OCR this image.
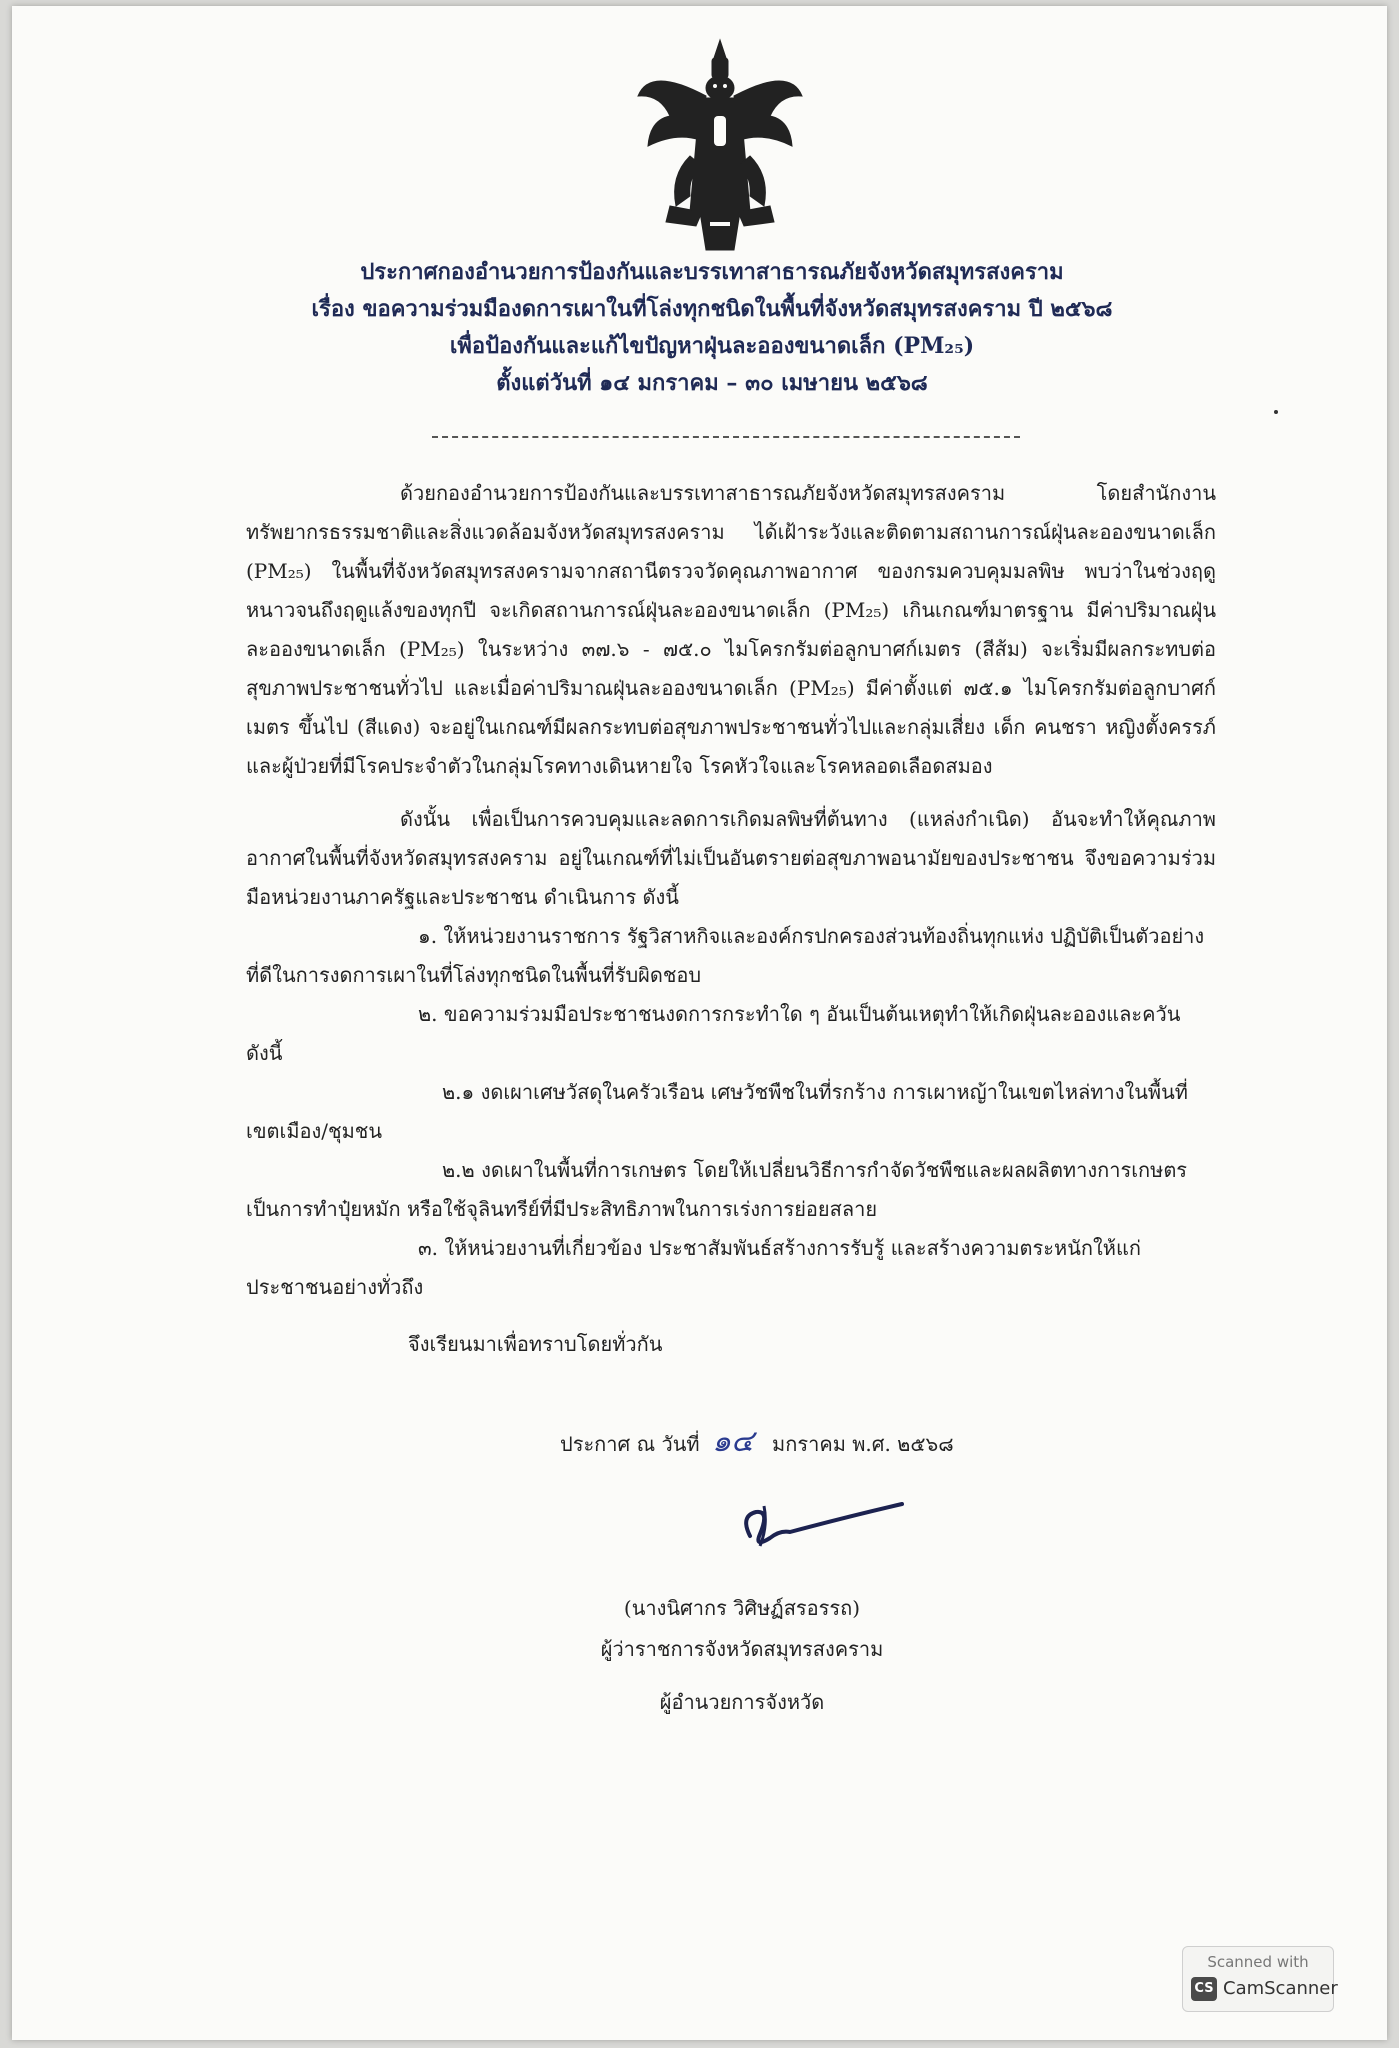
ประกาศกองอำนวยการป้องกันและบรรเทาสาธารณภัยจังหวัดสมุทรสงคราม
เรื่อง ขอความร่วมมืองดการเผาในที่โล่งทุกชนิดในพื้นที่จังหวัดสมุทรสงคราม ปี ๒๕๖๘
เพื่อป้องกันและแก้ไขปัญหาฝุ่นละอองขนาดเล็ก (PM₂₅)
ตั้งแต่วันที่ ๑๔ มกราคม – ๓๐ เมษายน ๒๕๖๘

ด้วยกองอำนวยการป้องกันและบรรเทาสาธารณภัยจังหวัดสมุทรสงคราม โดยสำนักงานทรัพยากรธรรมชาติและสิ่งแวดล้อมจังหวัดสมุทรสงคราม ได้เฝ้าระวังและติดตามสถานการณ์ฝุ่นละอองขนาดเล็ก (PM₂₅) ในพื้นที่จังหวัดสมุทรสงครามจากสถานีตรวจวัดคุณภาพอากาศ ของกรมควบคุมมลพิษ พบว่าในช่วงฤดูหนาวจนถึงฤดูแล้งของทุกปี จะเกิดสถานการณ์ฝุ่นละอองขนาดเล็ก (PM₂₅) เกินเกณฑ์มาตรฐาน มีค่าปริมาณฝุ่นละอองขนาดเล็ก (PM₂₅) ในระหว่าง ๓๗.๖ - ๗๕.๐ ไมโครกรัมต่อลูกบาศก์เมตร (สีส้ม) จะเริ่มมีผลกระทบต่อสุขภาพประชาชนทั่วไป และเมื่อค่าปริมาณฝุ่นละอองขนาดเล็ก (PM₂₅) มีค่าตั้งแต่ ๗๕.๑ ไมโครกรัมต่อลูกบาศก์เมตร ขึ้นไป (สีแดง) จะอยู่ในเกณฑ์มีผลกระทบต่อสุขภาพประชาชนทั่วไปและกลุ่มเสี่ยง เด็ก คนชรา หญิงตั้งครรภ์ และผู้ป่วยที่มีโรคประจำตัวในกลุ่มโรคทางเดินหายใจ โรคหัวใจและโรคหลอดเลือดสมอง

ดังนั้น เพื่อเป็นการควบคุมและลดการเกิดมลพิษที่ต้นทาง (แหล่งกำเนิด) อันจะทำให้คุณภาพอากาศในพื้นที่จังหวัดสมุทรสงคราม อยู่ในเกณฑ์ที่ไม่เป็นอันตรายต่อสุขภาพอนามัยของประชาชน จึงขอความร่วมมือหน่วยงานภาครัฐและประชาชน ดำเนินการ ดังนี้

๑. ให้หน่วยงานราชการ รัฐวิสาหกิจและองค์กรปกครองส่วนท้องถิ่นทุกแห่ง ปฏิบัติเป็นตัวอย่างที่ดีในการงดการเผาในที่โล่งทุกชนิดในพื้นที่รับผิดชอบ

๒. ขอความร่วมมือประชาชนงดการกระทำใด ๆ อันเป็นต้นเหตุทำให้เกิดฝุ่นละอองและควัน ดังนี้

๒.๑ งดเผาเศษวัสดุในครัวเรือน เศษวัชพืชในที่รกร้าง การเผาหญ้าในเขตไหล่ทางในพื้นที่เขตเมือง/ชุมชน

๒.๒ งดเผาในพื้นที่การเกษตร โดยให้เปลี่ยนวิธีการกำจัดวัชพืชและผลผลิตทางการเกษตรเป็นการทำปุ๋ยหมัก หรือใช้จุลินทรีย์ที่มีประสิทธิภาพในการเร่งการย่อยสลาย

๓. ให้หน่วยงานที่เกี่ยวข้อง ประชาสัมพันธ์สร้างการรับรู้ และสร้างความตระหนักให้แก่ประชาชนอย่างทั่วถึง

จึงเรียนมาเพื่อทราบโดยทั่วกัน

ประกาศ ณ วันที่ ๑๔ มกราคม พ.ศ. ๒๕๖๘
(นางนิศากร วิศิษฏ์สรอรรถ)
ผู้ว่าราชการจังหวัดสมุทรสงคราม
ผู้อำนวยการจังหวัด
Scanned with
CS CamScanner
